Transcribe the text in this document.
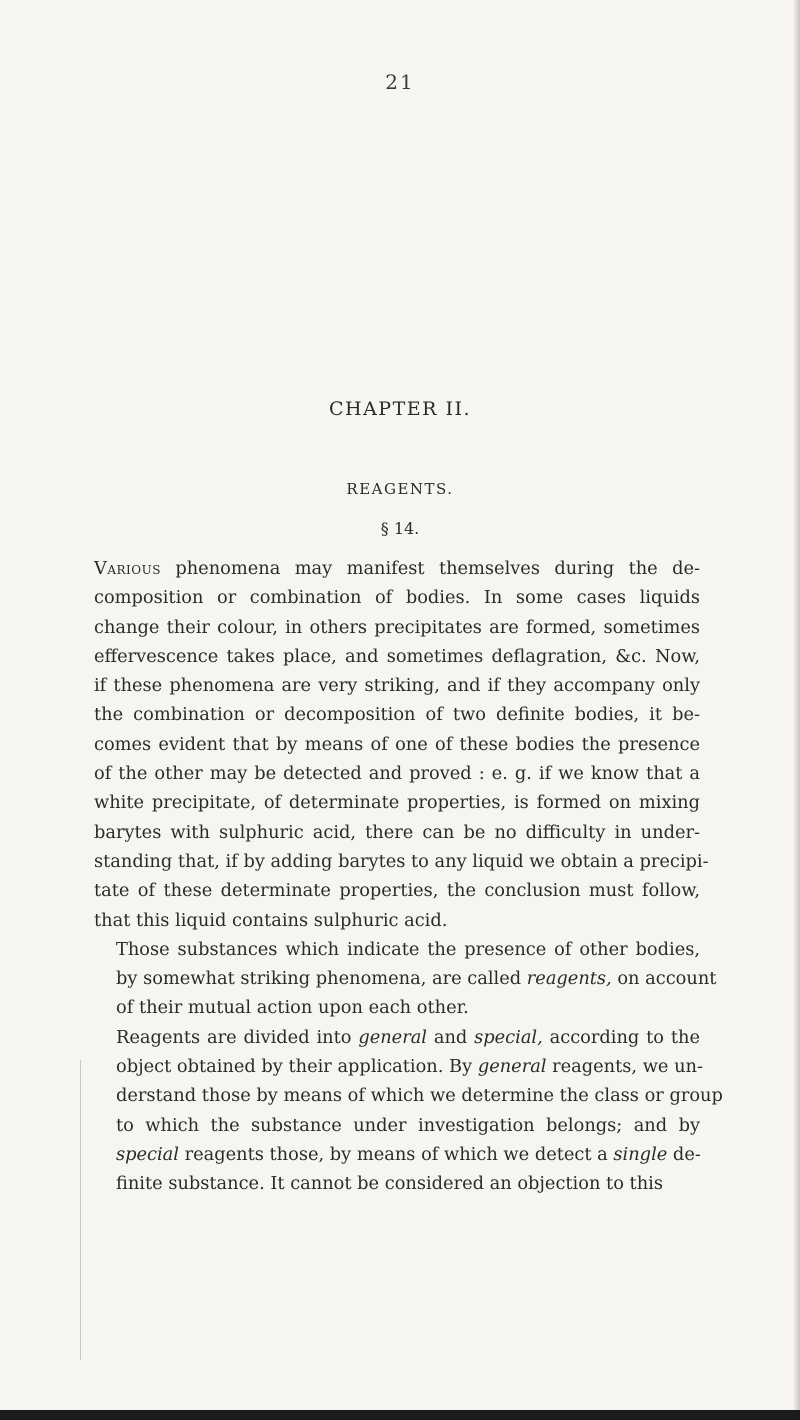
21
CHAPTER II.
REAGENTS.
§ 14.

Various phenomena may manifest themselves during the de-
composition or combination of bodies. In some cases liquids
change their colour, in others precipitates are formed, sometimes
effervescence takes place, and sometimes deflagration, &c. Now,
if these phenomena are very striking, and if they accompany only
the combination or decomposition of two definite bodies, it be-
comes evident that by means of one of these bodies the presence
of the other may be detected and proved : e. g. if we know that a
white precipitate, of determinate properties, is formed on mixing
barytes with sulphuric acid, there can be no difficulty in under-
standing that, if by adding barytes to any liquid we obtain a precipi-
tate of these determinate properties, the conclusion must follow,
that this liquid contains sulphuric acid.

Those substances which indicate the presence of other bodies,
by somewhat striking phenomena, are called reagents, on account
of their mutual action upon each other.

Reagents are divided into general and special, according to the
object obtained by their application. By general reagents, we un-
derstand those by means of which we determine the class or group
to which the substance under investigation belongs; and by
special reagents those, by means of which we detect a single de-
finite substance. It cannot be considered an objection to this
